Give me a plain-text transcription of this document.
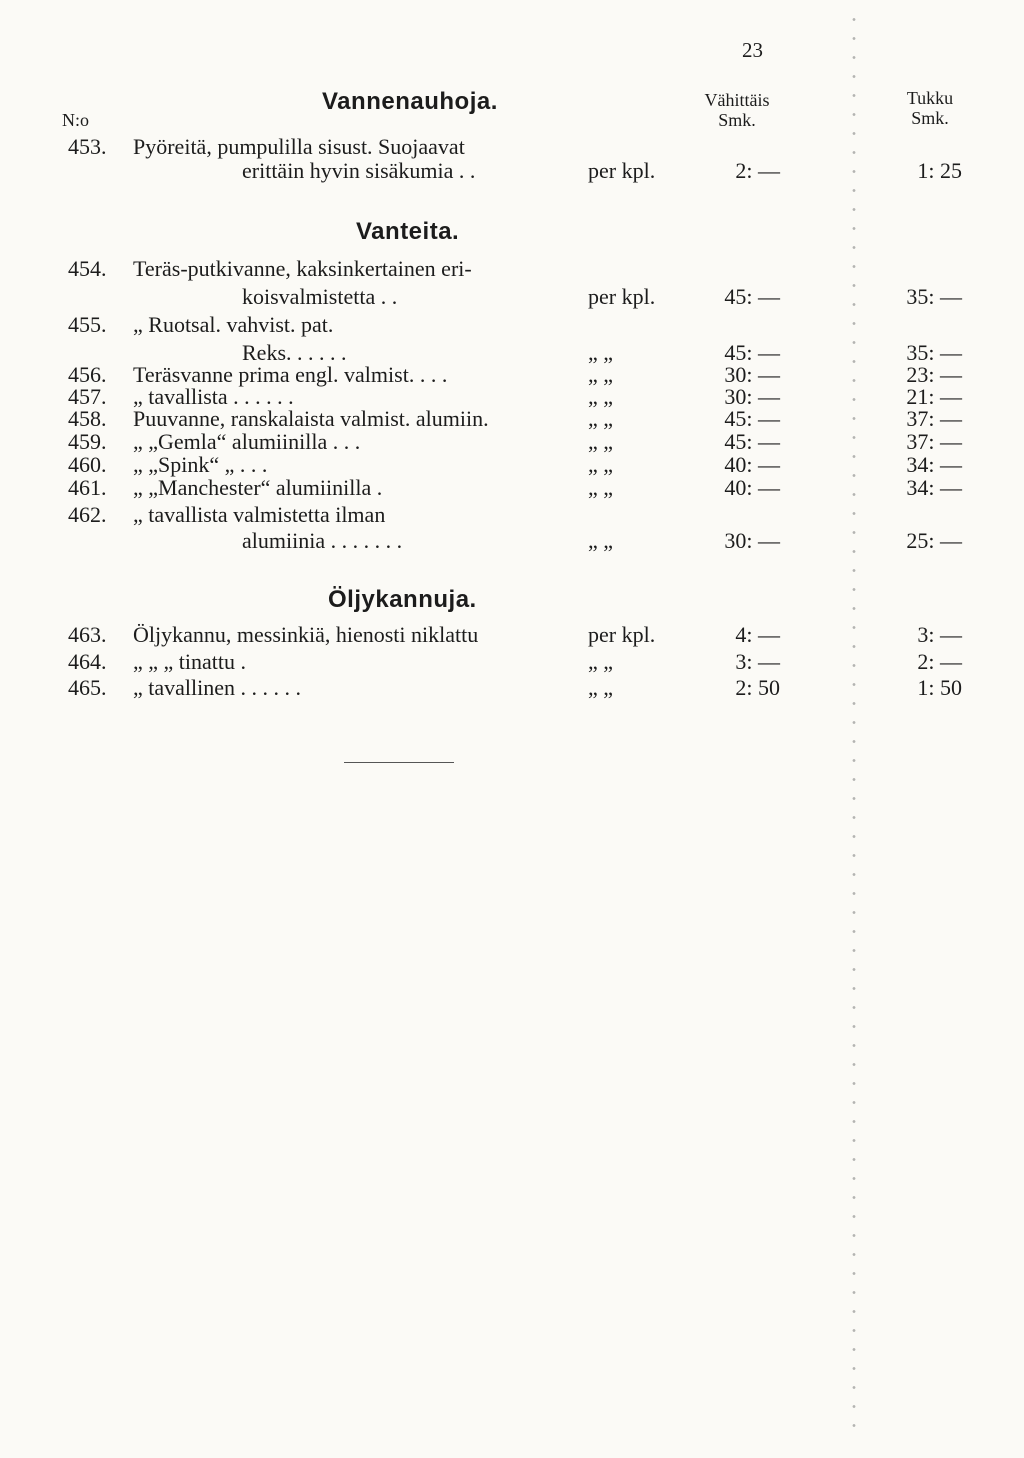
23
N:o
Vähittäis
Smk.
Tukku
Smk.
Vannenauhoja.
Vanteita.
Öljykannuja.
453. Pyöreitä, pumpulilla sisust. Suojaavat
erittäin hyvin sisäkumia . .	per kpl.	2: —	1: 25
454. Teräs-putkivanne, kaksinkertainen eri-
koisvalmistetta . .	per kpl.	45: —	35: —
455. „ Ruotsal. vahvist. pat.
Reks. . . . . .	„ „	45: —	35: —
456. Teräsvanne prima engl. valmist. . . .	„ „	30: —	23: —
457. „ tavallista . . . . . .	„ „	30: —	21: —
458. Puuvanne, ranskalaista valmist. alumiin.	„ „	45: —	37: —
459. „ „Gemla“ alumiinilla . . .	„ „	45: —	37: —
460. „ „Spink“ „ . . .	„ „	40: —	34: —
461. „ „Manchester“ alumiinilla .	„ „	40: —	34: —
462. „ tavallista valmistetta ilman
alumiinia . . . . . . .	„ „	30: —	25: —
463. Öljykannu, messinkiä, hienosti niklattu	per kpl.	4: —	3: —
464. „ „ „ tinattu .	„ „	3: —	2: —
465. „ tavallinen . . . . . .	„ „	2: 50	1: 50
